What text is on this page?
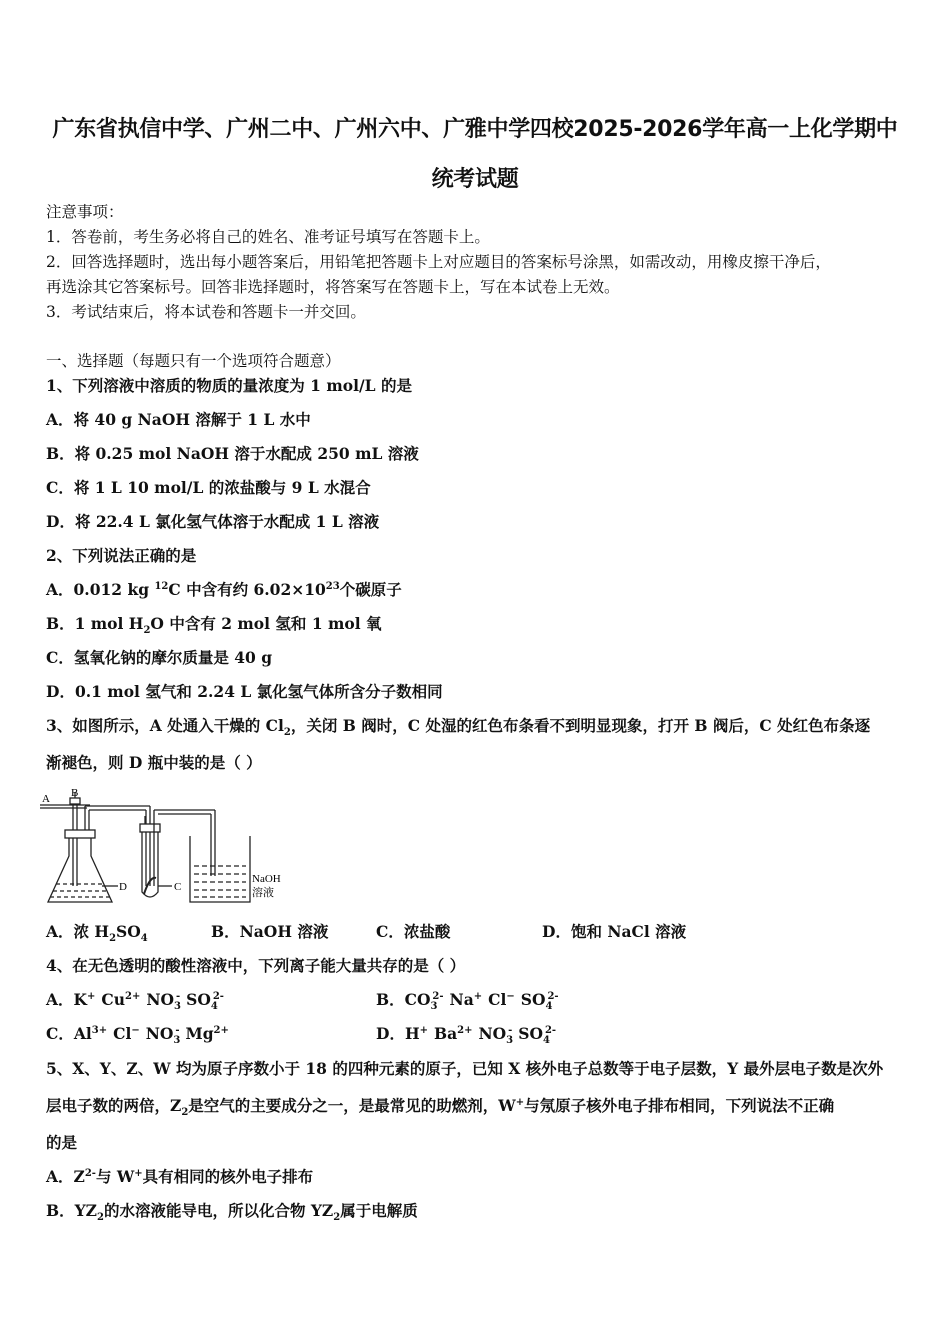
广东省执信中学、广州二中、广州六中、广雅中学四校2025-2026学年高一上化学期中
统考试题
注意事项：
1．答卷前，考生务必将自己的姓名、准考证号填写在答题卡上。
2．回答选择题时，选出每小题答案后，用铅笔把答题卡上对应题目的答案标号涂黑，如需改动，用橡皮擦干净后，
再选涂其它答案标号。回答非选择题时，将答案写在答题卡上，写在本试卷上无效。
3．考试结束后，将本试卷和答题卡一并交回。
一、选择题（每题只有一个选项符合题意）
1、下列溶液中溶质的物质的量浓度为 1 mol/L 的是
A．将 40 g NaOH 溶解于 1 L 水中
B．将 0.25 mol NaOH 溶于水配成 250 mL 溶液
C．将 1 L 10 mol/L 的浓盐酸与 9 L 水混合
D．将 22.4 L 氯化氢气体溶于水配成 1 L 溶液
2、下列说法正确的是
A．0.012 kg $^{12}$C 中含有约 $6.02\times 10^{23}$个碳原子
B．1 mol $H_2O$ 中含有 2 mol 氢和 1 mol 氧
C．氢氧化钠的摩尔质量是 40 g
D．0.1 mol 氢气和 2.24 L 氯化氢气体所含分子数相同
3、如图所示，A 处通入干燥的 $Cl_2$，关闭 B 阀时，C 处湿的红色布条看不到明显现象，打开 B 阀后，C 处红色布条逐
渐褪色，则 D 瓶中装的是（ ）
A B
D	C
NaOH
溶液
A．浓 $H_2SO_4$	B．NaOH 溶液	C．浓盐酸	D．饱和 NaCl 溶液
4、在无色透明的酸性溶液中，下列离子能大量共存的是（ ）
A．K+ $Cu^{2+}$ $NO_3^-$ $SO_4^{2-}$	B．$CO_3^{2-}$ Na+ Cl− $SO_4^{2-}$
C．$Al^{3+}$ Cl− $NO_3^-$ $Mg^{2+}$	D．H+ $Ba^{2+}$ $NO_3^-$ $SO_4^{2-}$
5、X、Y、Z、W 均为原子序数小于 18 的四种元素的原子，已知 X 核外电子总数等于电子层数，Y 最外层电子数是次外
层电子数的两倍，$Z_2$是空气的主要成分之一，是最常见的助燃剂，W+与氖原子核外电子排布相同，下列说法不正确
的是
A．$Z^{2-}$与 W+具有相同的核外电子排布
B．$YZ_2$的水溶液能导电，所以化合物 $YZ_2$属于电解质
